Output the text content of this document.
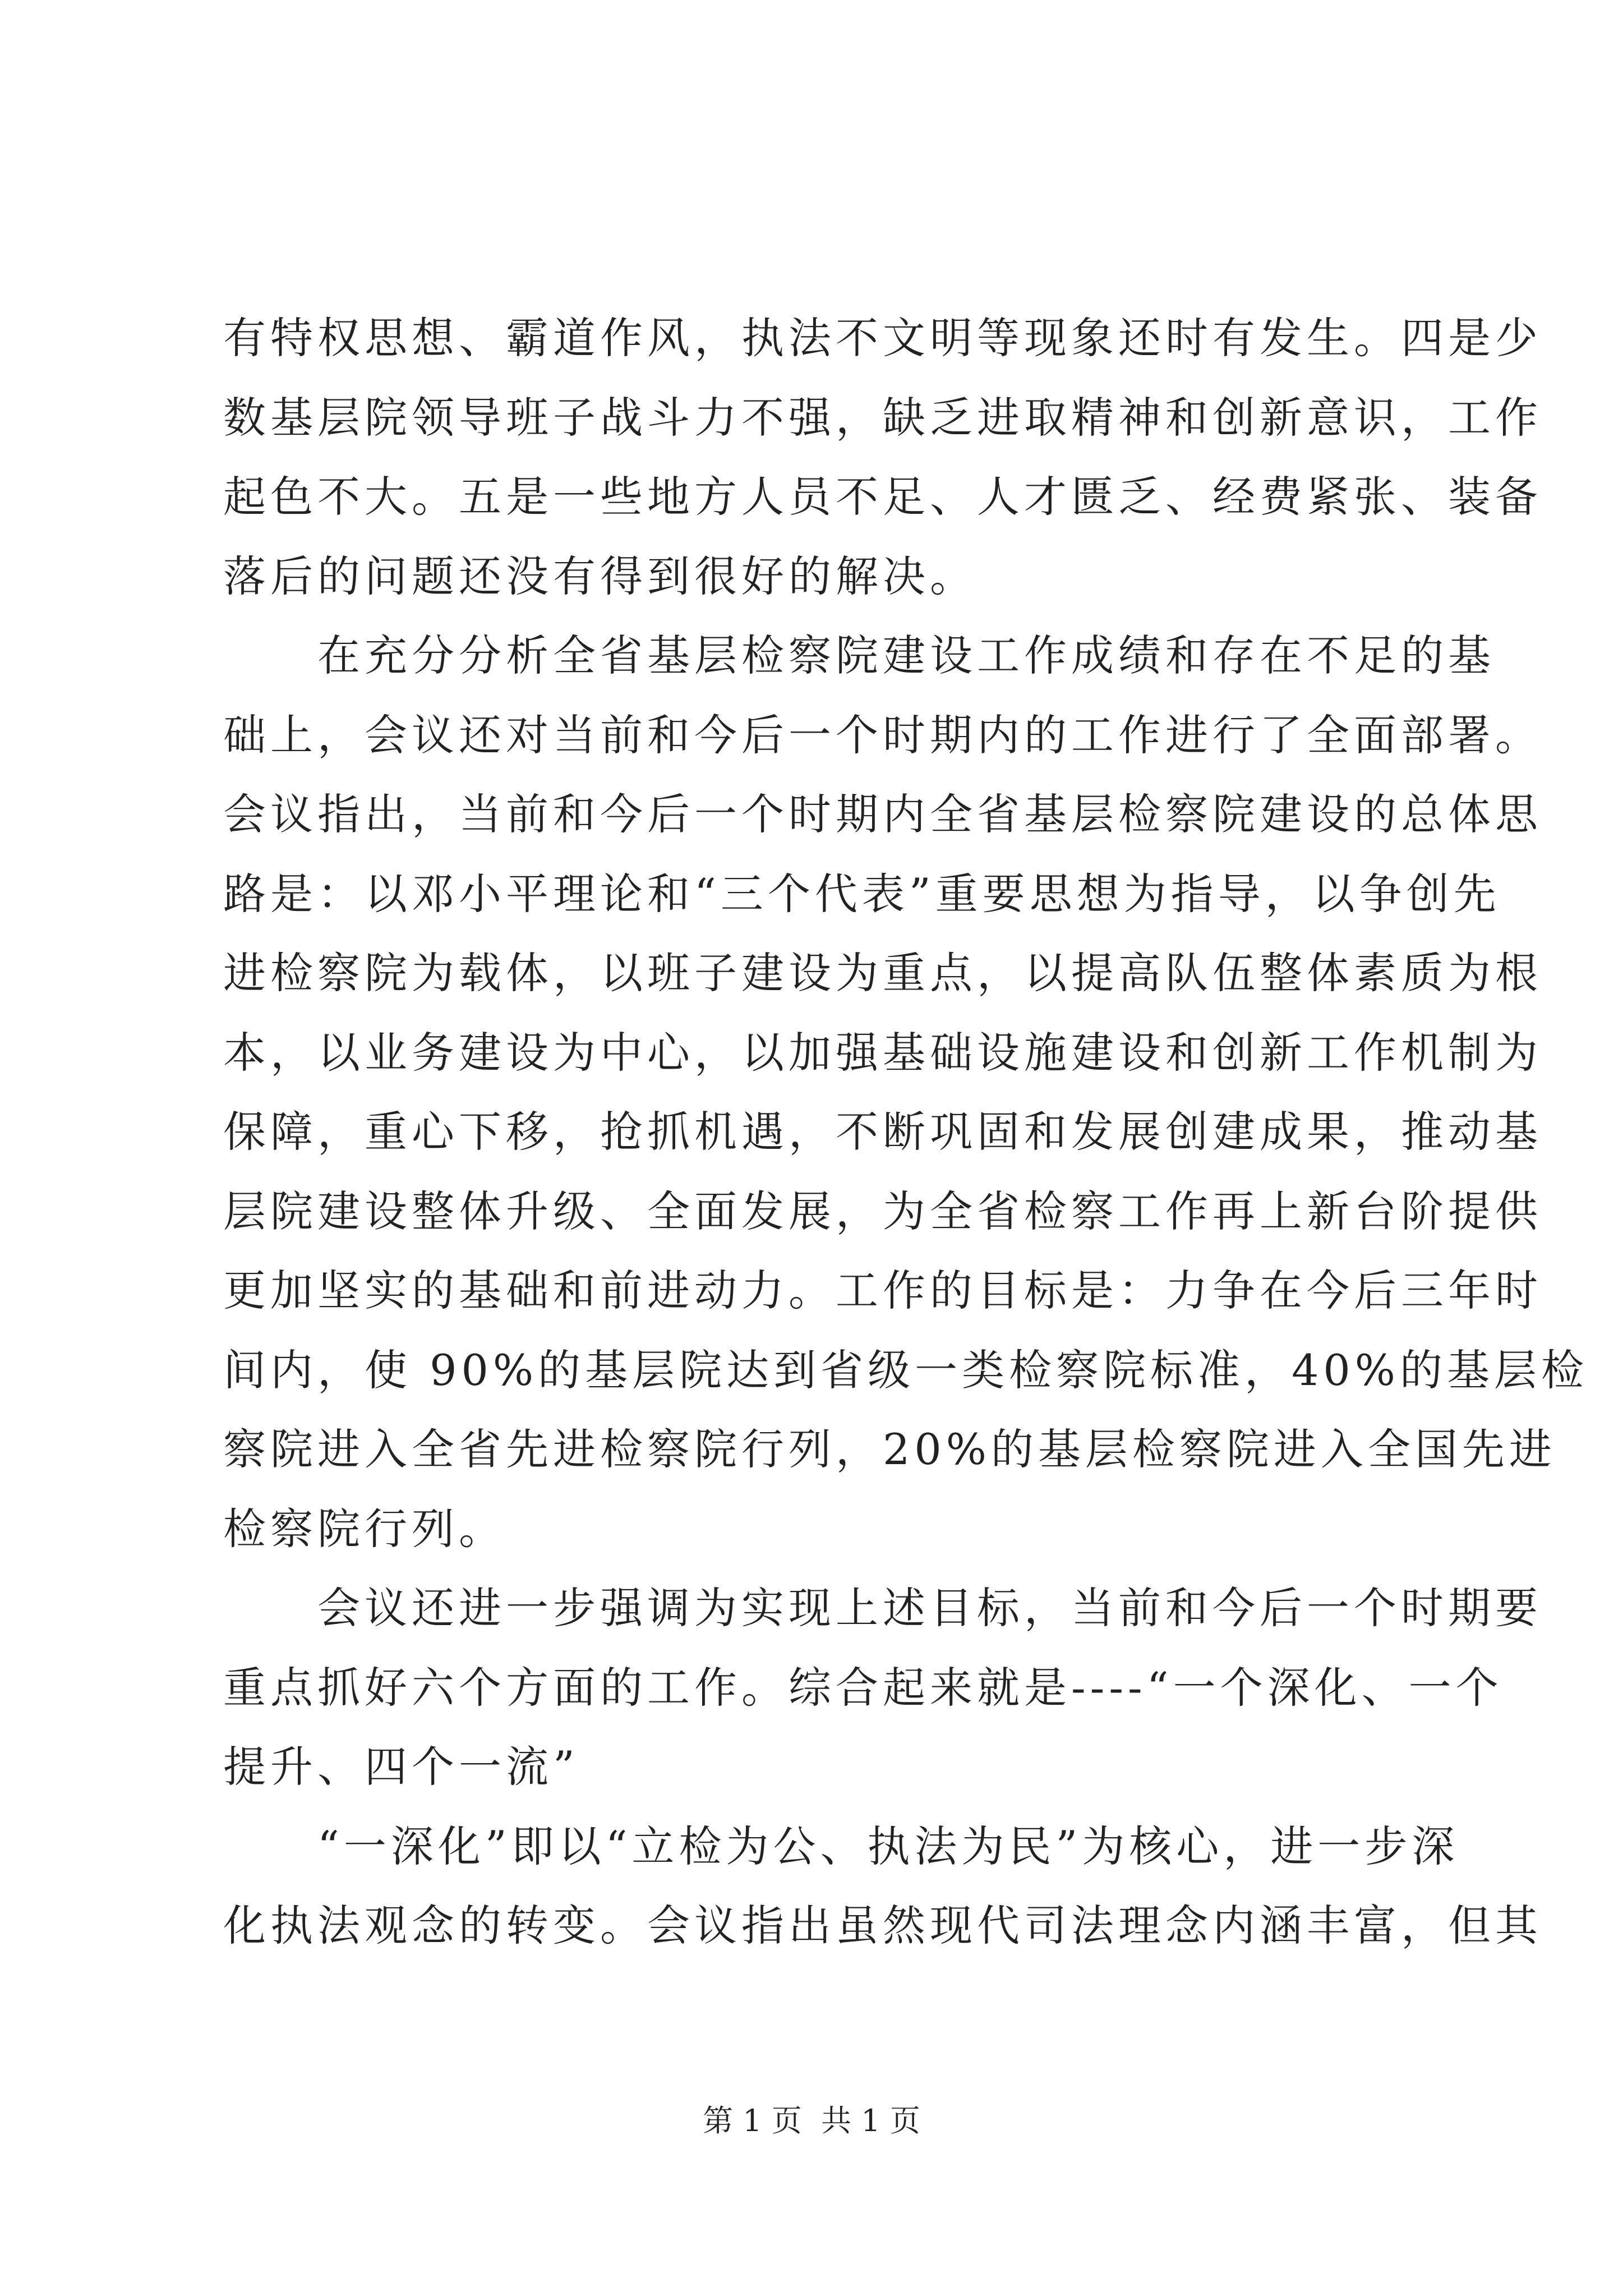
有特权思想、霸道作风，执法不文明等现象还时有发生。四是少
数基层院领导班子战斗力不强，缺乏进取精神和创新意识，工作
起色不大。五是一些地方人员不足、人才匮乏、经费紧张、装备
落后的问题还没有得到很好的解决。
　　在充分分析全省基层检察院建设工作成绩和存在不足的基
础上，会议还对当前和今后一个时期内的工作进行了全面部署。
会议指出，当前和今后一个时期内全省基层检察院建设的总体思
路是：以邓小平理论和“三个代表”重要思想为指导，以争创先
进检察院为载体，以班子建设为重点，以提高队伍整体素质为根
本，以业务建设为中心，以加强基础设施建设和创新工作机制为
保障，重心下移，抢抓机遇，不断巩固和发展创建成果，推动基
层院建设整体升级、全面发展，为全省检察工作再上新台阶提供
更加坚实的基础和前进动力。工作的目标是：力争在今后三年时
间内，使 90%的基层院达到省级一类检察院标准，40%的基层检
察院进入全省先进检察院行列，20%的基层检察院进入全国先进
检察院行列。
　　会议还进一步强调为实现上述目标，当前和今后一个时期要
重点抓好六个方面的工作。综合起来就是----“一个深化、一个
提升、四个一流”
　　“一深化”即以“立检为公、执法为民”为核心，进一步深
化执法观念的转变。会议指出虽然现代司法理念内涵丰富，但其
第 1 页  共 1 页
